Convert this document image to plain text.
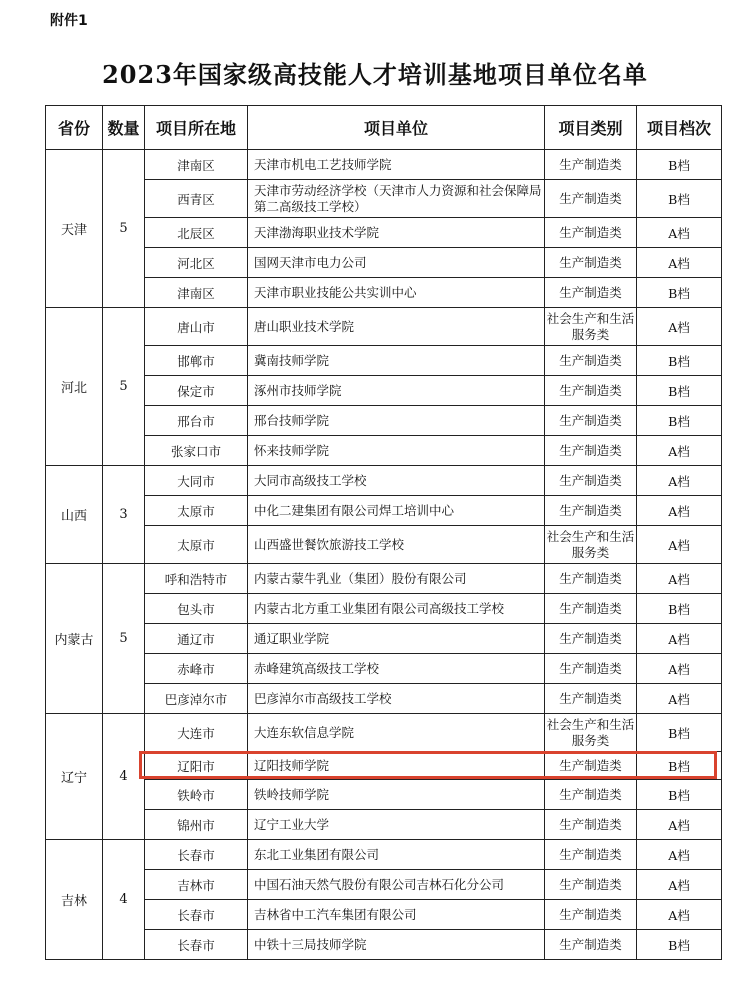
附件1
2023年国家级高技能人才培训基地项目单位名单
省份	数量	项目所在地	项目单位	项目类别	项目档次
天津	5	津南区	天津市机电工艺技师学院	生产制造类	B档
		西青区	天津市劳动经济学校（天津市人力资源和社会保障局第二高级技工学校）	生产制造类	B档
		北辰区	天津渤海职业技术学院	生产制造类	A档
		河北区	国网天津市电力公司	生产制造类	A档
		津南区	天津市职业技能公共实训中心	生产制造类	B档
河北	5	唐山市	唐山职业技术学院	社会生产和生活服务类	A档
		邯郸市	冀南技师学院	生产制造类	B档
		保定市	涿州市技师学院	生产制造类	B档
		邢台市	邢台技师学院	生产制造类	B档
		张家口市	怀来技师学院	生产制造类	A档
山西	3	大同市	大同市高级技工学校	生产制造类	A档
		太原市	中化二建集团有限公司焊工培训中心	生产制造类	A档
		太原市	山西盛世餐饮旅游技工学校	社会生产和生活服务类	A档
内蒙古	5	呼和浩特市	内蒙古蒙牛乳业（集团）股份有限公司	生产制造类	A档
		包头市	内蒙古北方重工业集团有限公司高级技工学校	生产制造类	B档
		通辽市	通辽职业学院	生产制造类	A档
		赤峰市	赤峰建筑高级技工学校	生产制造类	A档
		巴彦淖尔市	巴彦淖尔市高级技工学校	生产制造类	A档
辽宁	4	大连市	大连东软信息学院	社会生产和生活服务类	B档
		辽阳市	辽阳技师学院	生产制造类	B档
		铁岭市	铁岭技师学院	生产制造类	B档
		锦州市	辽宁工业大学	生产制造类	A档
吉林	4	长春市	东北工业集团有限公司	生产制造类	A档
		吉林市	中国石油天然气股份有限公司吉林石化分公司	生产制造类	A档
		长春市	吉林省中工汽车集团有限公司	生产制造类	A档
		长春市	中铁十三局技师学院	生产制造类	B档
